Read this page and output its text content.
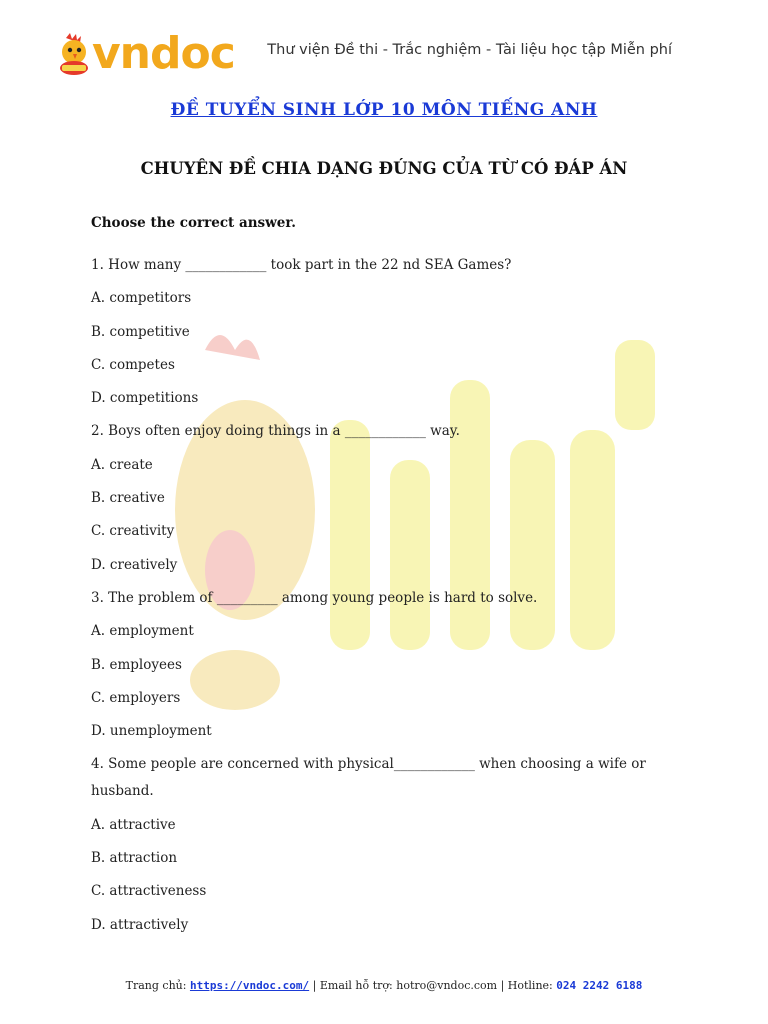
vndoc Thư viện Đề thi - Trắc nghiệm - Tài liệu học tập Miễn phí
ĐỀ TUYỂN SINH LỚP 10 MÔN TIẾNG ANH
CHUYÊN ĐỀ CHIA DẠNG ĐÚNG CỦA TỪ CÓ ĐÁP ÁN
Choose the correct answer.
1. How many ____________ took part in the 22 nd SEA Games?
A. competitors
B. competitive
C. competes
D. competitions
2. Boys often enjoy doing things in a ____________ way.
A. create
B. creative
C. creativity
D. creatively
3. The problem of _________ among young people is hard to solve.
A. employment
B. employees
C. employers
D. unemployment
4. Some people are concerned with physical____________ when choosing a wife or
husband.
A. attractive
B. attraction
C. attractiveness
D. attractively
Trang chủ: https://vndoc.com/ | Email hỗ trợ: hotro@vndoc.com | Hotline: 024 2242 6188
